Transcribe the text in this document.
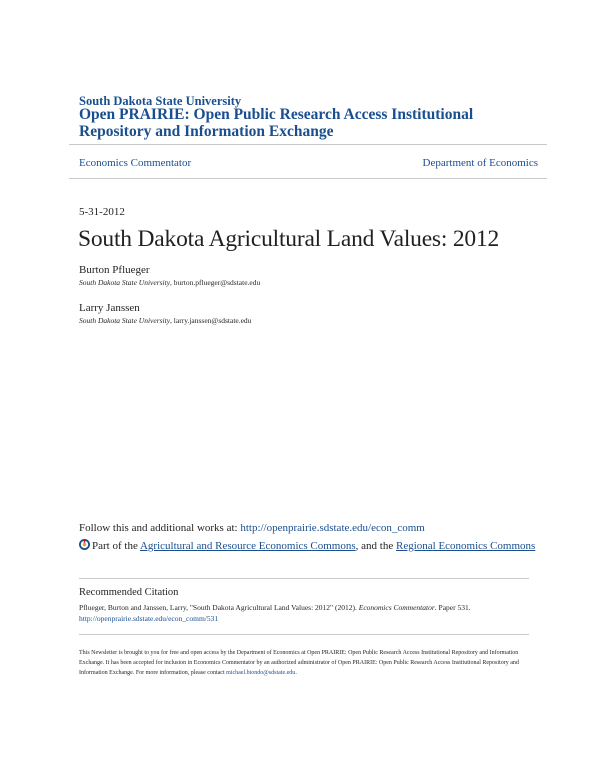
South Dakota State University
Open PRAIRIE: Open Public Research Access Institutional Repository and Information Exchange
Economics Commentator	Department of Economics
5-31-2012
South Dakota Agricultural Land Values: 2012
Burton Pflueger
South Dakota State University, burton.pflueger@sdstate.edu
Larry Janssen
South Dakota State University, larry.janssen@sdstate.edu
Follow this and additional works at: http://openprairie.sdstate.edu/econ_comm
Part of the Agricultural and Resource Economics Commons, and the Regional Economics Commons
Recommended Citation
Pflueger, Burton and Janssen, Larry, "South Dakota Agricultural Land Values: 2012" (2012). Economics Commentator. Paper 531.
http://openprairie.sdstate.edu/econ_comm/531
This Newsletter is brought to you for free and open access by the Department of Economics at Open PRAIRIE: Open Public Research Access Institutional Repository and Information Exchange. It has been accepted for inclusion in Economics Commentator by an authorized administrator of Open PRAIRIE: Open Public Research Access Institutional Repository and Information Exchange. For more information, please contact michael.biondo@sdstate.edu.
